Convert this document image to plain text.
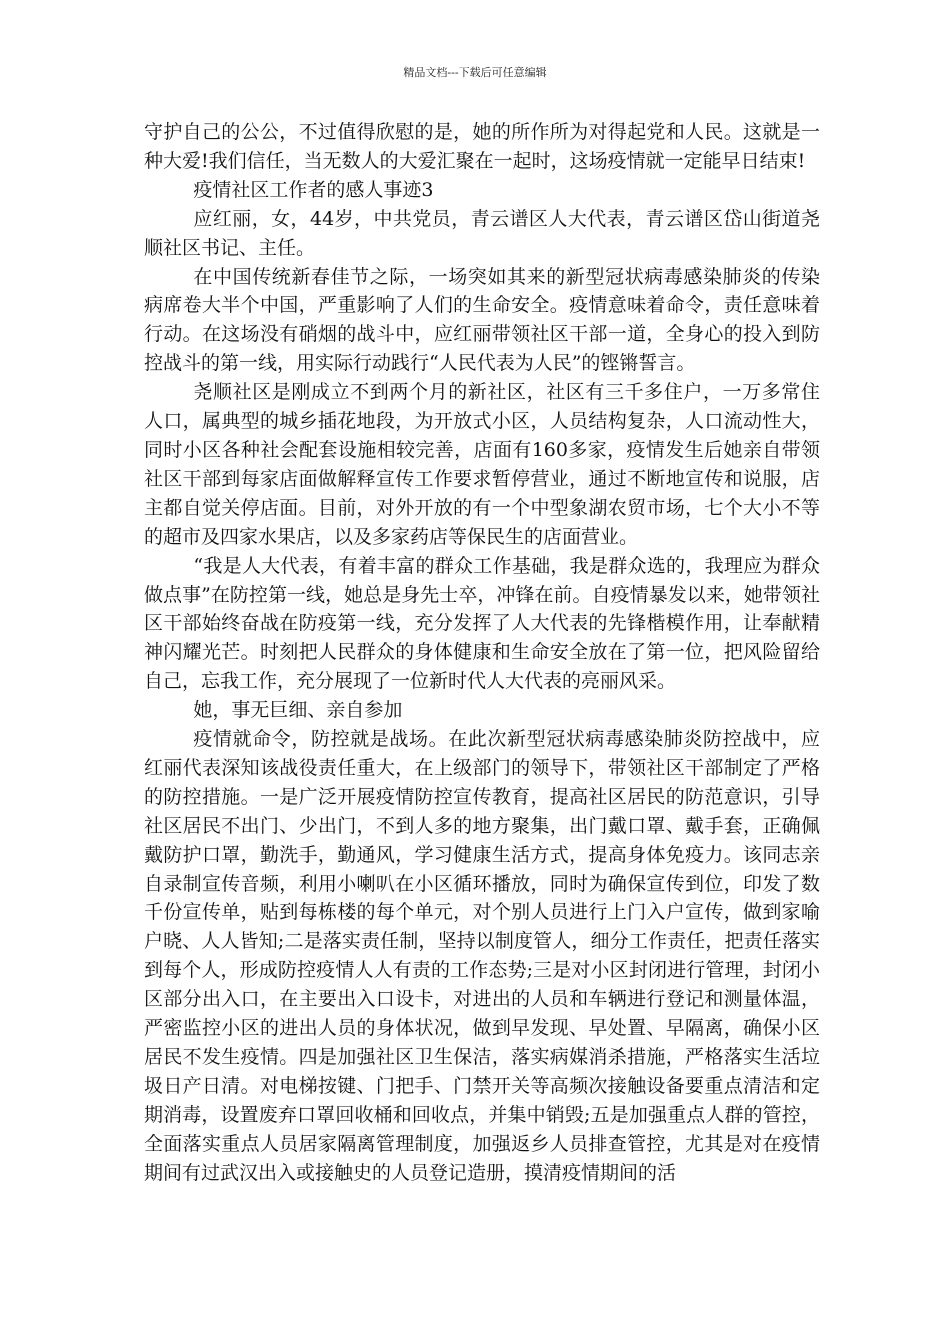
精品文档---下载后可任意编辑

守护自己的公公，不过值得欣慰的是，她的所作所为对得起党和人民。这就是一种大爱!我们信任，当无数人的大爱汇聚在一起时，这场疫情就一定能早日结束!

疫情社区工作者的感人事迹3

应红丽，女，44岁，中共党员，青云谱区人大代表，青云谱区岱山街道尧顺社区书记、主任。

在中国传统新春佳节之际，一场突如其来的新型冠状病毒感染肺炎的传染病席卷大半个中国，严重影响了人们的生命安全。疫情意味着命令，责任意味着行动。在这场没有硝烟的战斗中，应红丽带领社区干部一道，全身心的投入到防控战斗的第一线，用实际行动践行“人民代表为人民”的铿锵誓言。

尧顺社区是刚成立不到两个月的新社区，社区有三千多住户，一万多常住人口，属典型的城乡插花地段，为开放式小区，人员结构复杂，人口流动性大，同时小区各种社会配套设施相较完善，店面有160多家，疫情发生后她亲自带领社区干部到每家店面做解释宣传工作要求暂停营业，通过不断地宣传和说服，店主都自觉关停店面。目前，对外开放的有一个中型象湖农贸市场，七个大小不等的超市及四家水果店，以及多家药店等保民生的店面营业。

“我是人大代表，有着丰富的群众工作基础，我是群众选的，我理应为群众做点事”在防控第一线，她总是身先士卒，冲锋在前。自疫情暴发以来，她带领社区干部始终奋战在防疫第一线，充分发挥了人大代表的先锋楷模作用，让奉献精神闪耀光芒。时刻把人民群众的身体健康和生命安全放在了第一位，把风险留给自己，忘我工作，充分展现了一位新时代人大代表的亮丽风采。

她，事无巨细、亲自参加

疫情就命令，防控就是战场。在此次新型冠状病毒感染肺炎防控战中，应红丽代表深知该战役责任重大，在上级部门的领导下，带领社区干部制定了严格的防控措施。一是广泛开展疫情防控宣传教育，提高社区居民的防范意识，引导社区居民不出门、少出门，不到人多的地方聚集，出门戴口罩、戴手套，正确佩戴防护口罩，勤洗手，勤通风，学习健康生活方式，提高身体免疫力。该同志亲自录制宣传音频，利用小喇叭在小区循环播放，同时为确保宣传到位，印发了数千份宣传单，贴到每栋楼的每个单元，对个别人员进行上门入户宣传，做到家喻户晓、人人皆知;二是落实责任制，坚持以制度管人，细分工作责任，把责任落实到每个人，形成防控疫情人人有责的工作态势;三是对小区封闭进行管理，封闭小区部分出入口，在主要出入口设卡，对进出的人员和车辆进行登记和测量体温，严密监控小区的进出人员的身体状况，做到早发现、早处置、早隔离，确保小区居民不发生疫情。四是加强社区卫生保洁，落实病媒消杀措施，严格落实生活垃圾日产日清。对电梯按键、门把手、门禁开关等高频次接触设备要重点清洁和定期消毒，设置废弃口罩回收桶和回收点，并集中销毁;五是加强重点人群的管控，全面落实重点人员居家隔离管理制度，加强返乡人员排查管控，尤其是对在疫情期间有过武汉出入或接触史的人员登记造册，摸清疫情期间的活
